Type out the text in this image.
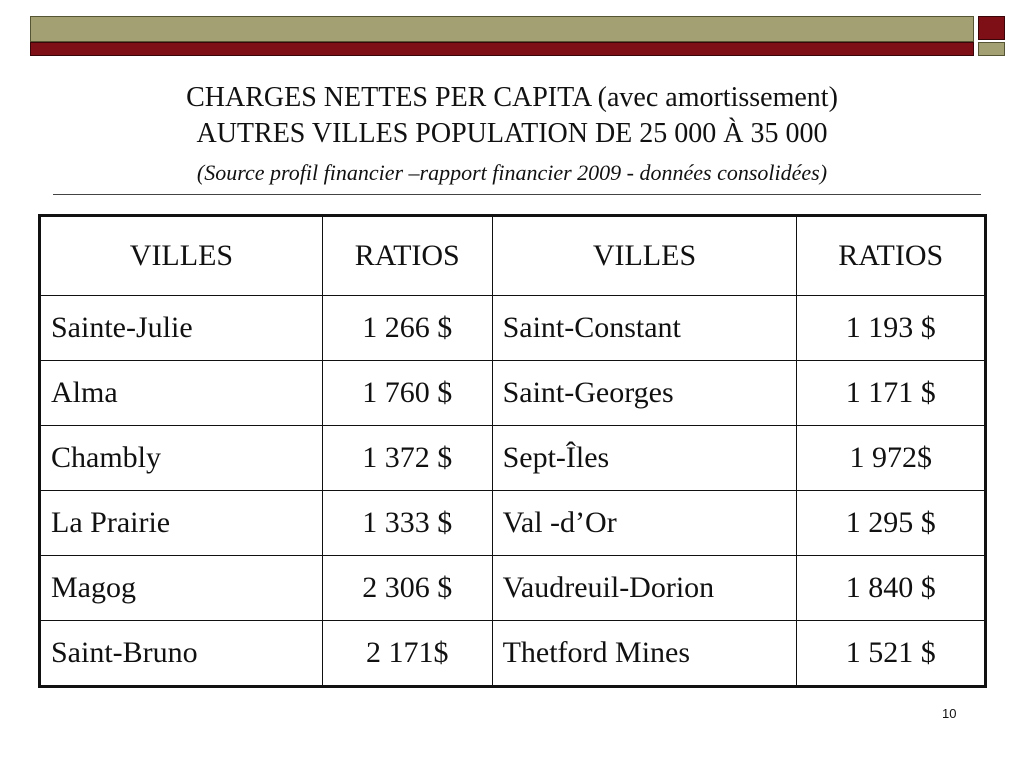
CHARGES NETTES PER CAPITA (avec amortissement)

AUTRES VILLES POPULATION DE 25 000 À 35 000

(Source profil financier –rapport financier 2009 - données consolidées)

VILLES	RATIOS	VILLES	RATIOS
Sainte-Julie	1 266 $	Saint-Constant	1 193 $
Alma	1 760 $	Saint-Georges	1 171 $
Chambly	1 372 $	Sept-Îles	1 972$
La Prairie	1 333 $	Val -d’Or	1 295 $
Magog	2 306 $	Vaudreuil-Dorion	1 840 $
Saint-Bruno	2 171$	Thetford Mines	1 521 $
10
